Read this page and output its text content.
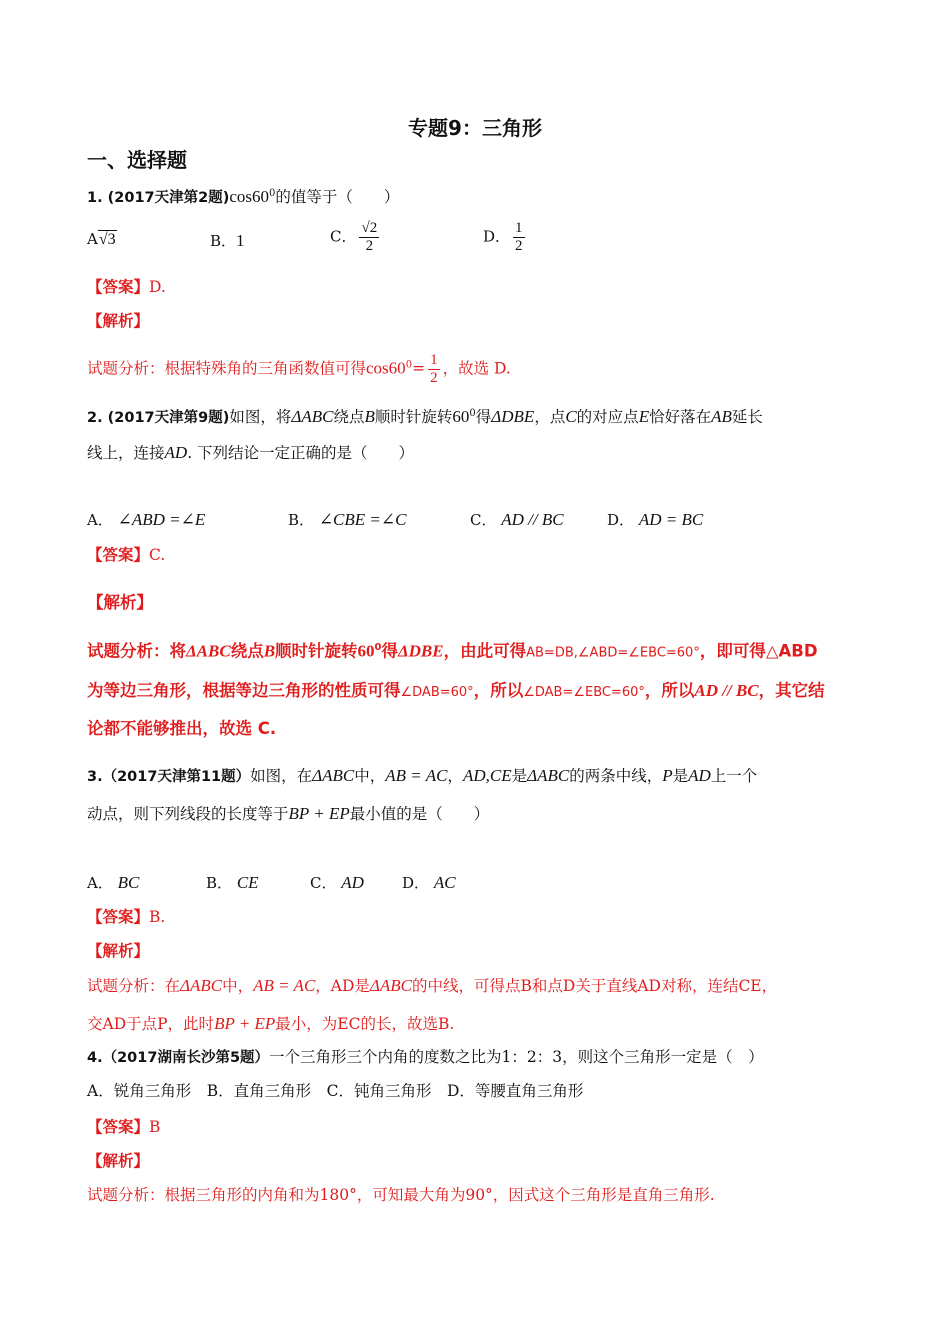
专题9：三角形
一、选择题
1. (2017天津第2题)$\cos 60^0$的值等于（　　）
A√3	B．1	C． $\frac{√2}{2}$	D． $\frac{1}{2}$
【答案】D.
【解析】
试题分析：根据特殊角的三角函数值可得$\cos 60^0= \frac{1}{2}$ ，故选 D.
2. (2017天津第9题)如图，将ΔABC绕点B顺时针旋转$60^0$得ΔDBE，点C的对应点E恰好落在AB延长
线上，连接AD. 下列结论一定正确的是（　　）
A． ∠ABD =∠E	B． ∠CBE =∠C	C． AD // BC	D． AD = BC
【答案】C.
【解析】
试题分析：将ΔABC绕点B顺时针旋转$60^0$得ΔDBE，由此可得AB=DB,∠ABD=∠EBC=60°，即可得△ABD
为等边三角形，根据等边三角形的性质可得∠DAB=60°，所以∠DAB=∠EBC=60°，所以AD // BC，其它结
论都不能够推出，故选 C.
3.（2017天津第11题）如图，在ΔABC中，AB = AC，AD,CE是ΔABC的两条中线，P是AD上一个
动点，则下列线段的长度等于BP + EP最小值的是（　　）
A． BC	B． CE	C． AD	D． AC
【答案】B.
【解析】
试题分析：在ΔABC中，AB = AC，AD是ΔABC的中线，可得点B和点D关于直线AD对称，连结CE，
交AD于点P，此时BP + EP最小，为EC的长，故选B.
4.（2017湖南长沙第5题）一个三角形三个内角的度数之比为1：2：3，则这个三角形一定是（　）
A．锐角三角形　B．直角三角形　C．钝角三角形　D．等腰直角三角形
【答案】B
【解析】
试题分析：根据三角形的内角和为180°，可知最大角为90°，因式这个三角形是直角三角形.
